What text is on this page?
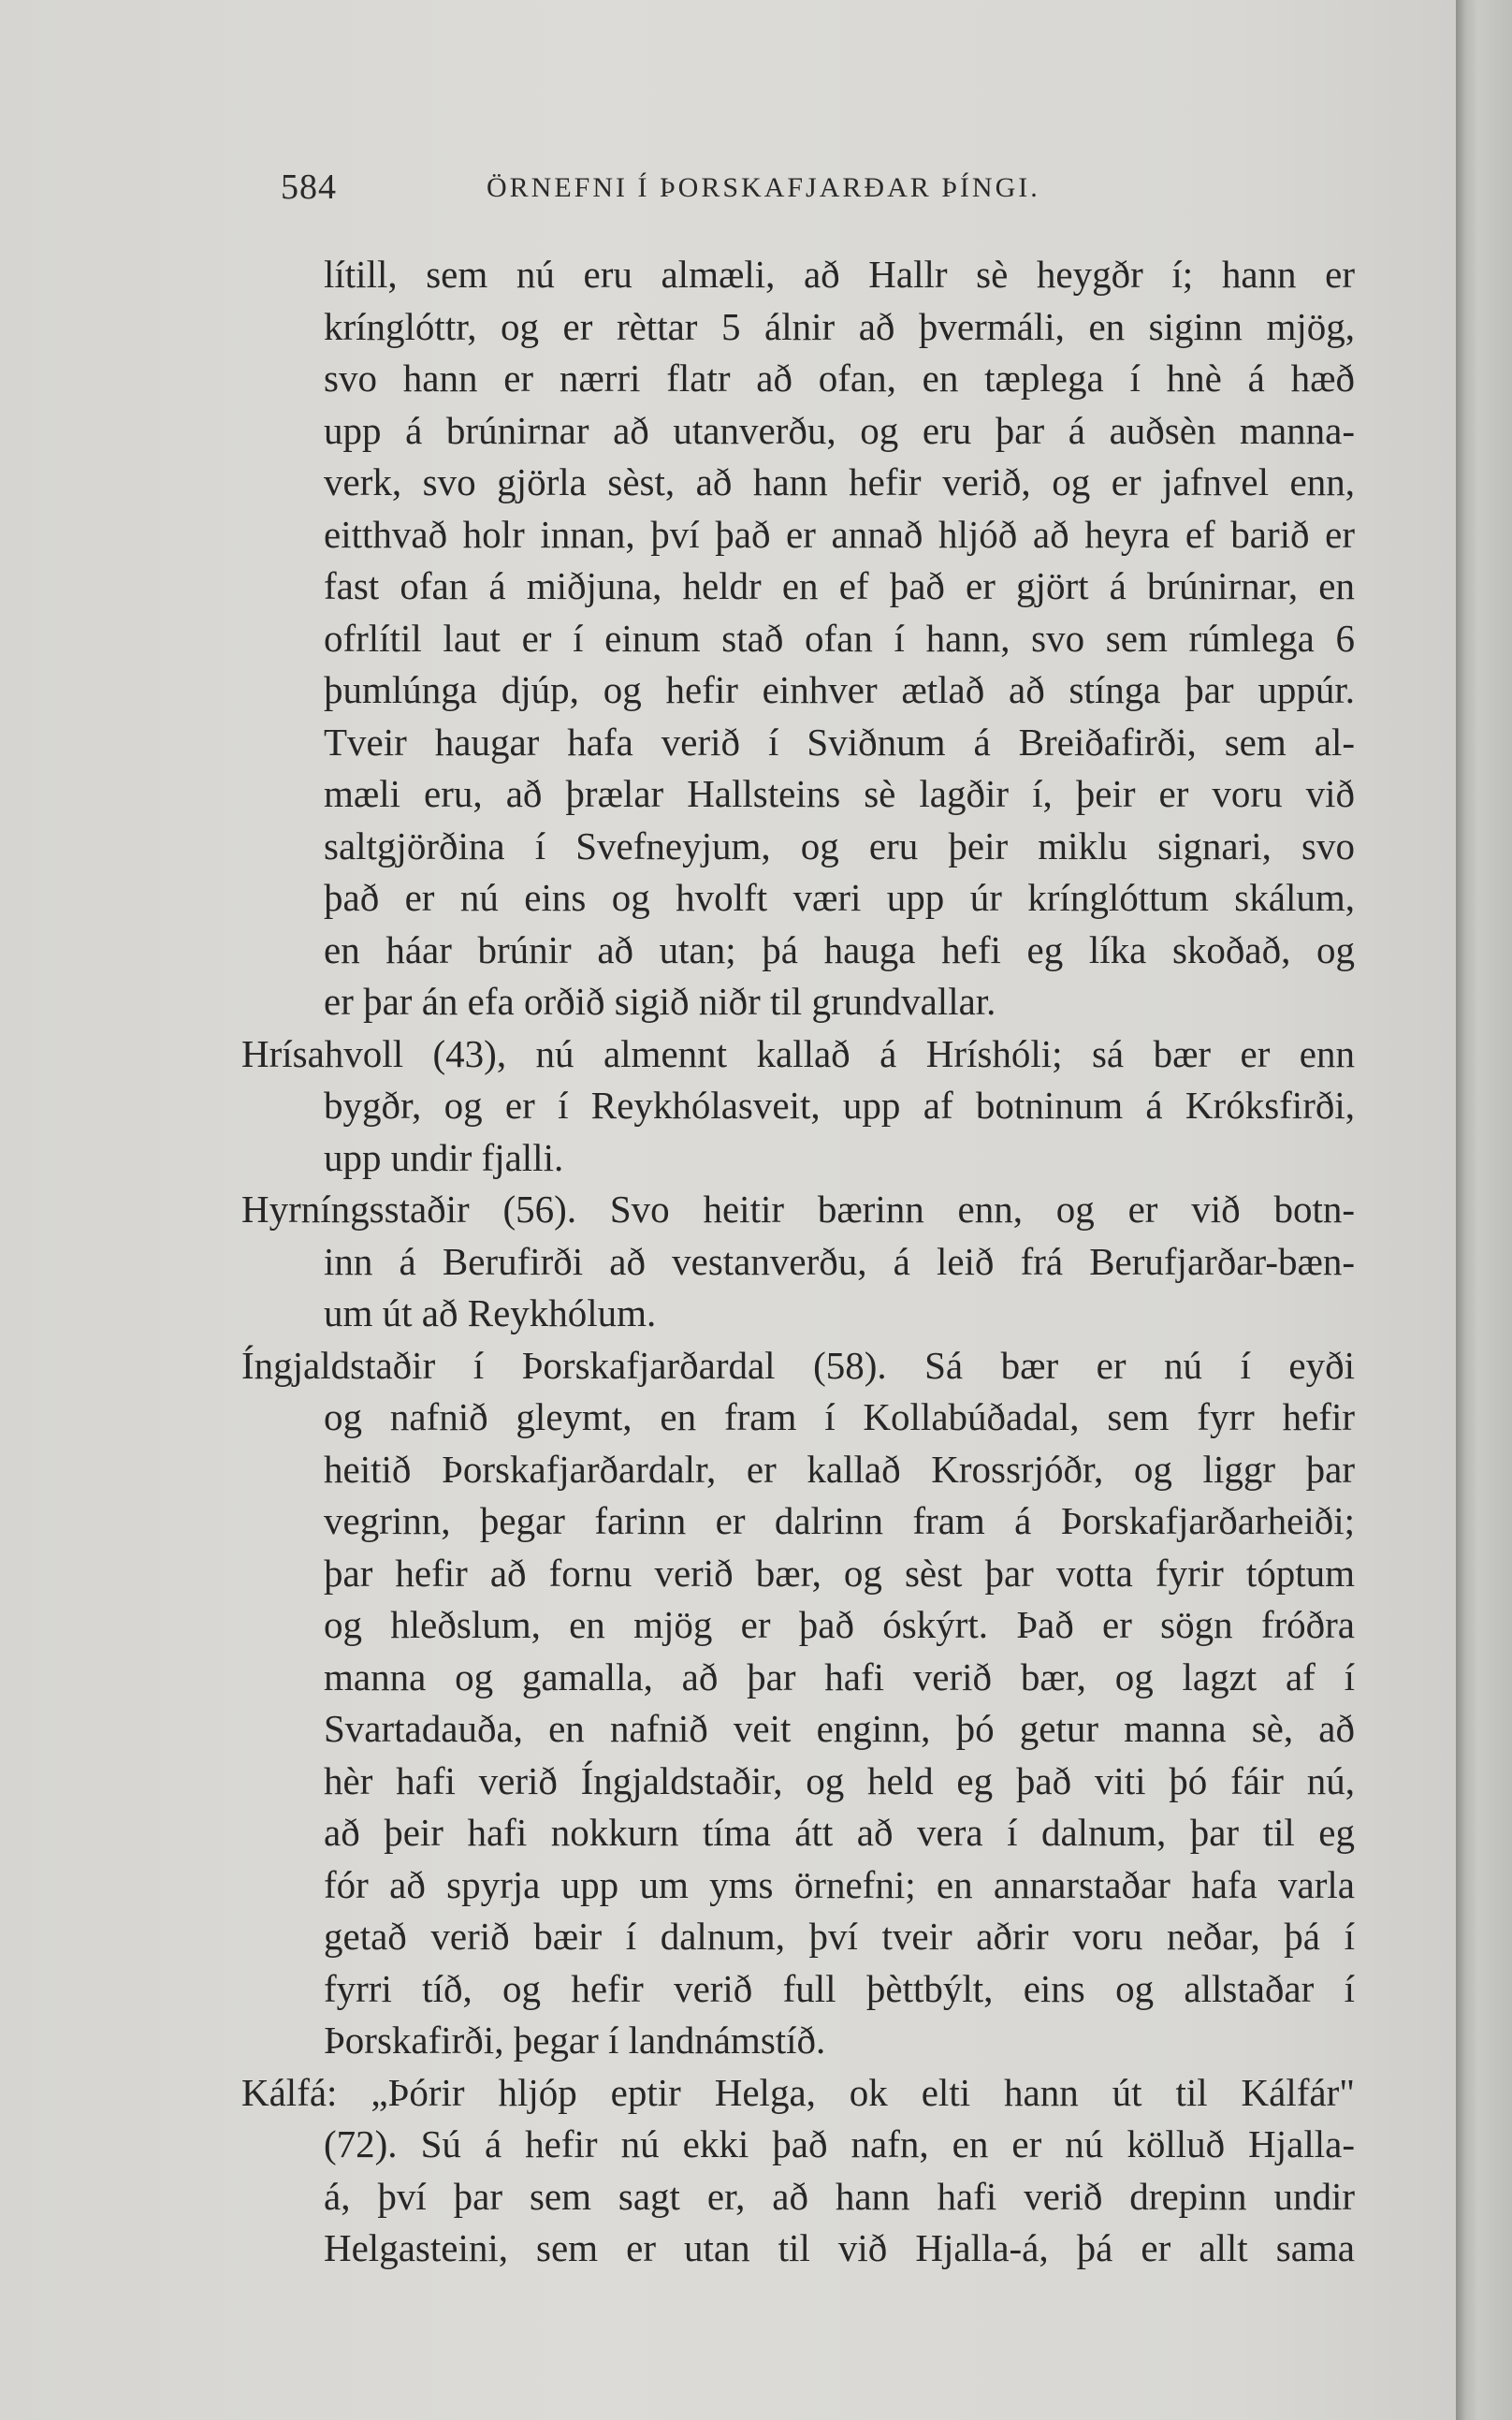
584	ÖRNEFNI Í ÞORSKAFJARÐAR ÞÍNGI.
lítill, sem nú eru almæli, að Hallr sè heygðr í; hann er
krínglóttr, og er rèttar 5 álnir að þvermáli, en siginn mjög,
svo hann er nærri flatr að ofan, en tæplega í hnè á hæð
upp á brúnirnar að utanverðu, og eru þar á auðsèn manna-
verk, svo gjörla sèst, að hann hefir verið, og er jafnvel enn,
eitthvað holr innan, því það er annað hljóð að heyra ef barið er
fast ofan á miðjuna, heldr en ef það er gjört á brúnirnar, en
ofrlítil laut er í einum stað ofan í hann, svo sem rúmlega 6
þumlúnga djúp, og hefir einhver ætlað að stínga þar uppúr.
Tveir haugar hafa verið í Sviðnum á Breiðafirði, sem al-
mæli eru, að þrælar Hallsteins sè lagðir í, þeir er voru við
saltgjörðina í Svefneyjum, og eru þeir miklu signari, svo
það er nú eins og hvolft væri upp úr krínglóttum skálum,
en háar brúnir að utan; þá hauga hefi eg líka skoðað, og
er þar án efa orðið sigið niðr til grundvallar.
Hrísahvoll (43), nú almennt kallað á Hríshóli; sá bær er enn
bygðr, og er í Reykhólasveit, upp af botninum á Króksfirði,
upp undir fjalli.
Hyrníngsstaðir (56). Svo heitir bærinn enn, og er við botn-
inn á Berufirði að vestanverðu, á leið frá Berufjarðar-bæn-
um út að Reykhólum.
Íngjaldstaðir í Þorskafjarðardal (58). Sá bær er nú í eyði
og nafnið gleymt, en fram í Kollabúðadal, sem fyrr hefir
heitið Þorskafjarðardalr, er kallað Krossrjóðr, og liggr þar
vegrinn, þegar farinn er dalrinn fram á Þorskafjarðarheiði;
þar hefir að fornu verið bær, og sèst þar votta fyrir tóptum
og hleðslum, en mjög er það óskýrt. Það er sögn fróðra
manna og gamalla, að þar hafi verið bær, og lagzt af í
Svartadauða, en nafnið veit enginn, þó getur manna sè, að
hèr hafi verið Íngjaldstaðir, og held eg það viti þó fáir nú,
að þeir hafi nokkurn tíma átt að vera í dalnum, þar til eg
fór að spyrja upp um yms örnefni; en annarstaðar hafa varla
getað verið bæir í dalnum, því tveir aðrir voru neðar, þá í
fyrri tíð, og hefir verið full þèttbýlt, eins og allstaðar í
Þorskafirði, þegar í landnámstíð.
Kálfá: „Þórir hljóp eptir Helga, ok elti hann út til Kálfár"
(72). Sú á hefir nú ekki það nafn, en er nú kölluð Hjalla-
á, því þar sem sagt er, að hann hafi verið drepinn undir
Helgasteini, sem er utan til við Hjalla-á, þá er allt sama
